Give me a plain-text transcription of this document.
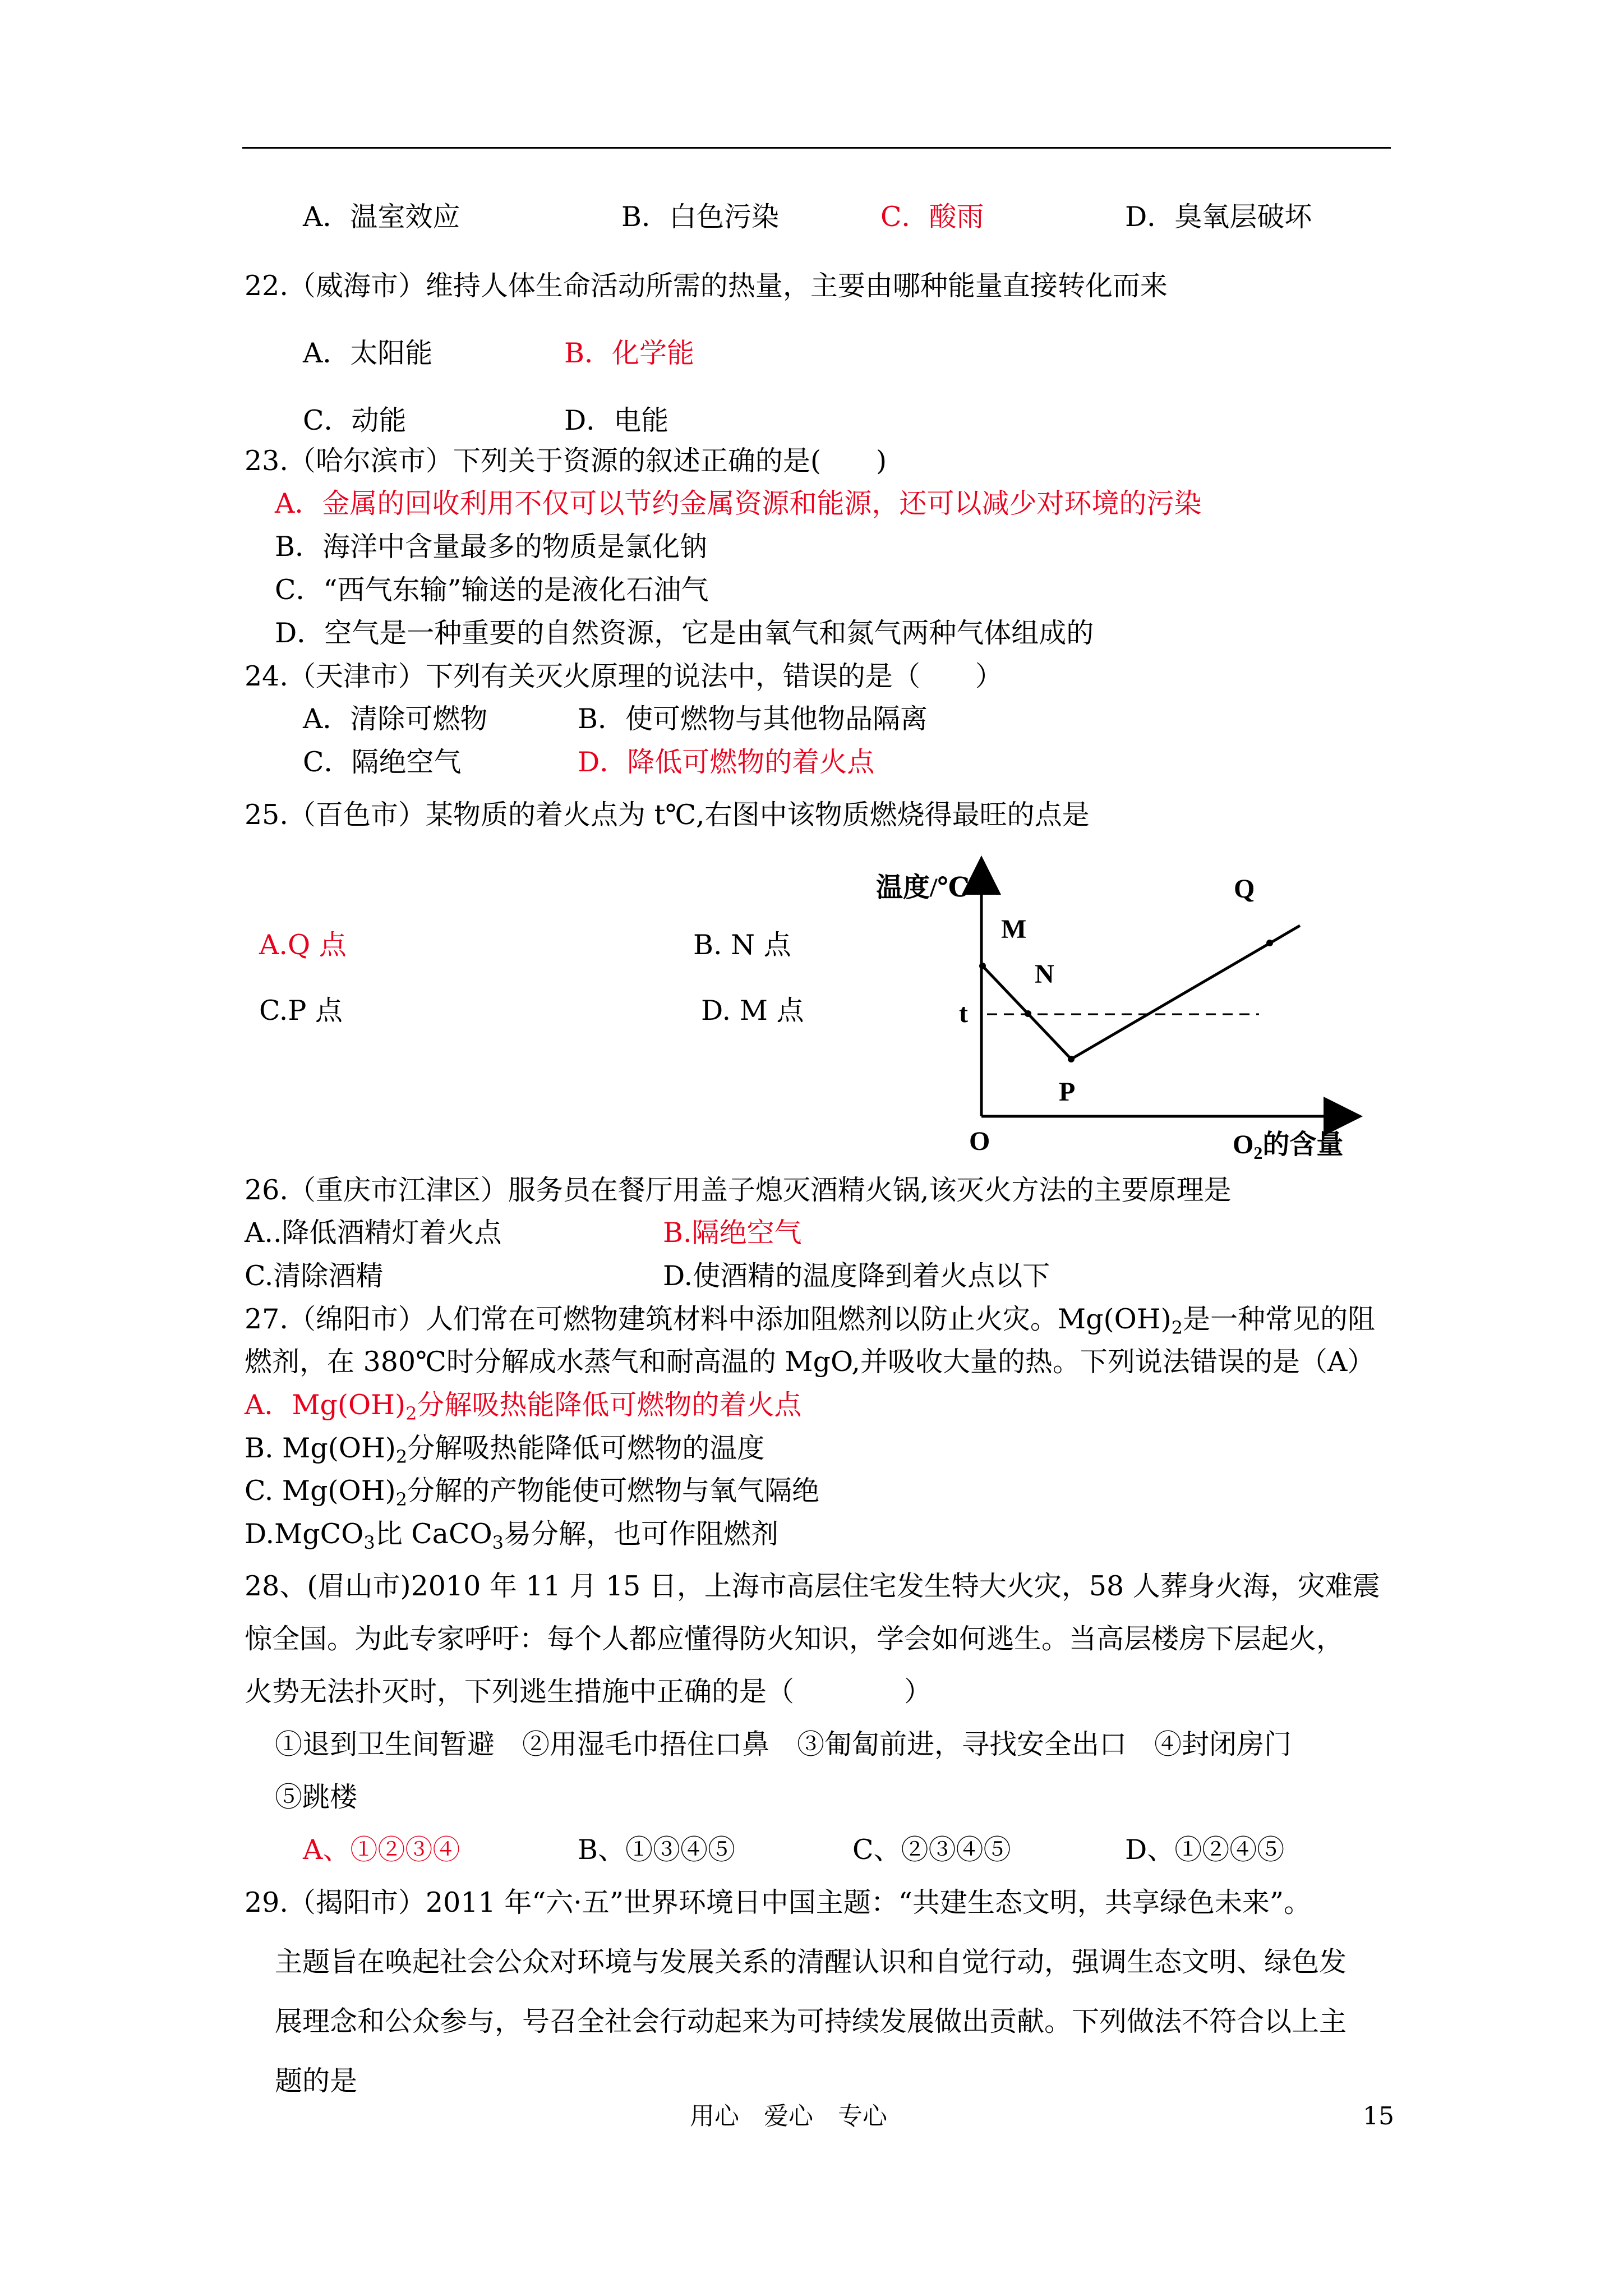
A．温室效应	B．白色污染	C．酸雨	D．臭氧层破坏
22.（威海市）维持人体生命活动所需的热量，主要由哪种能量直接转化而来
A．太阳能	B．化学能
C．动能	D．电能
23.（哈尔滨市）下列关于资源的叙述正确的是(　　)
A．金属的回收利用不仅可以节约金属资源和能源，还可以减少对环境的污染
B．海洋中含量最多的物质是氯化钠
C．“西气东输”输送的是液化石油气
D．空气是一种重要的自然资源，它是由氧气和氮气两种气体组成的
24.（天津市）下列有关灭火原理的说法中，错误的是（　　）
A．清除可燃物	B．使可燃物与其他物品隔离
C．隔绝空气	D．降低可燃物的着火点
25.（百色市）某物质的着火点为 t℃,右图中该物质燃烧得最旺的点是
A.Q 点	B. N 点
C.P 点	D. M 点
温度/℃	Q
M
N
t
P
O	O2的含量
26.（重庆市江津区）服务员在餐厅用盖子熄灭酒精火锅,该灭火方法的主要原理是
A..降低酒精灯着火点	B.隔绝空气
C.清除酒精	D.使酒精的温度降到着火点以下
27.（绵阳市）人们常在可燃物建筑材料中添加阻燃剂以防止火灾。$Mg(OH)_2$是一种常见的阻
燃剂，在 380℃时分解成水蒸气和耐高温的 MgO,并吸收大量的热。下列说法错误的是（A）
A．$Mg(OH)_2$分解吸热能降低可燃物的着火点
B. $Mg(OH)_2$分解吸热能降低可燃物的温度
C. $Mg(OH)_2$分解的产物能使可燃物与氧气隔绝
D.MgCO$_3$比 CaCO$_3$易分解，也可作阻燃剂
28、(眉山市)2010 年 11 月 15 日，上海市高层住宅发生特大火灾，58 人葬身火海，灾难震
惊全国。为此专家呼吁：每个人都应懂得防火知识，学会如何逃生。当高层楼房下层起火，
火势无法扑灭时，下列逃生措施中正确的是（　　　　）
①退到卫生间暂避　②用湿毛巾捂住口鼻　③匍匐前进，寻找安全出口　④封闭房门
⑤跳楼
A、①②③④	B、①③④⑤	C、②③④⑤	D、①②④⑤
29.（揭阳市）2011 年“六·五”世界环境日中国主题：“共建生态文明，共享绿色未来”。
主题旨在唤起社会公众对环境与发展关系的清醒认识和自觉行动，强调生态文明、绿色发
展理念和公众参与，号召全社会行动起来为可持续发展做出贡献。下列做法不符合以上主
题的是
用心　爱心　专心	15
